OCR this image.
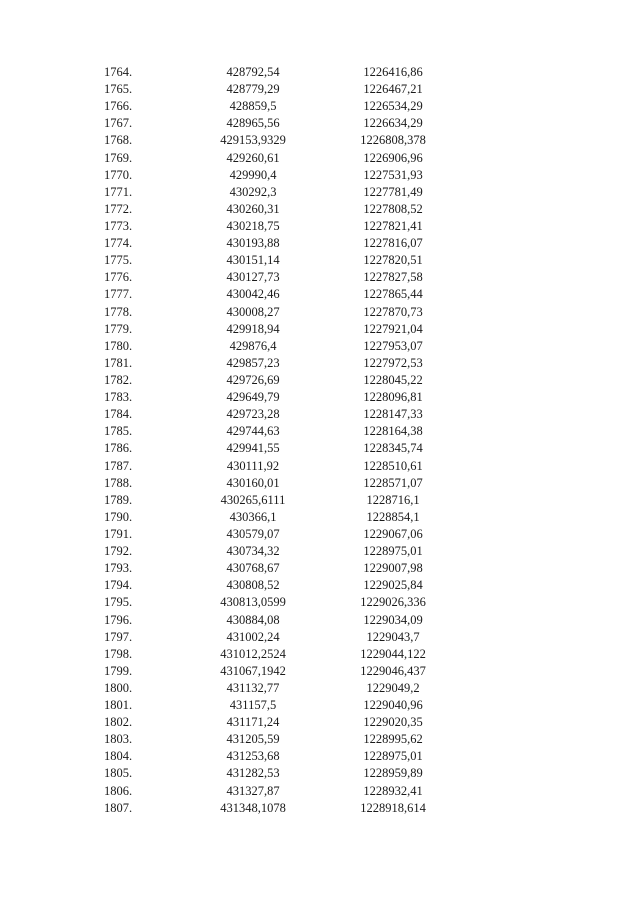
1764.	428792,54	1226416,86
1765.	428779,29	1226467,21
1766.	428859,5	1226534,29
1767.	428965,56	1226634,29
1768.	429153,9329	1226808,378
1769.	429260,61	1226906,96
1770.	429990,4	1227531,93
1771.	430292,3	1227781,49
1772.	430260,31	1227808,52
1773.	430218,75	1227821,41
1774.	430193,88	1227816,07
1775.	430151,14	1227820,51
1776.	430127,73	1227827,58
1777.	430042,46	1227865,44
1778.	430008,27	1227870,73
1779.	429918,94	1227921,04
1780.	429876,4	1227953,07
1781.	429857,23	1227972,53
1782.	429726,69	1228045,22
1783.	429649,79	1228096,81
1784.	429723,28	1228147,33
1785.	429744,63	1228164,38
1786.	429941,55	1228345,74
1787.	430111,92	1228510,61
1788.	430160,01	1228571,07
1789.	430265,6111	1228716,1
1790.	430366,1	1228854,1
1791.	430579,07	1229067,06
1792.	430734,32	1228975,01
1793.	430768,67	1229007,98
1794.	430808,52	1229025,84
1795.	430813,0599	1229026,336
1796.	430884,08	1229034,09
1797.	431002,24	1229043,7
1798.	431012,2524	1229044,122
1799.	431067,1942	1229046,437
1800.	431132,77	1229049,2
1801.	431157,5	1229040,96
1802.	431171,24	1229020,35
1803.	431205,59	1228995,62
1804.	431253,68	1228975,01
1805.	431282,53	1228959,89
1806.	431327,87	1228932,41
1807.	431348,1078	1228918,614
